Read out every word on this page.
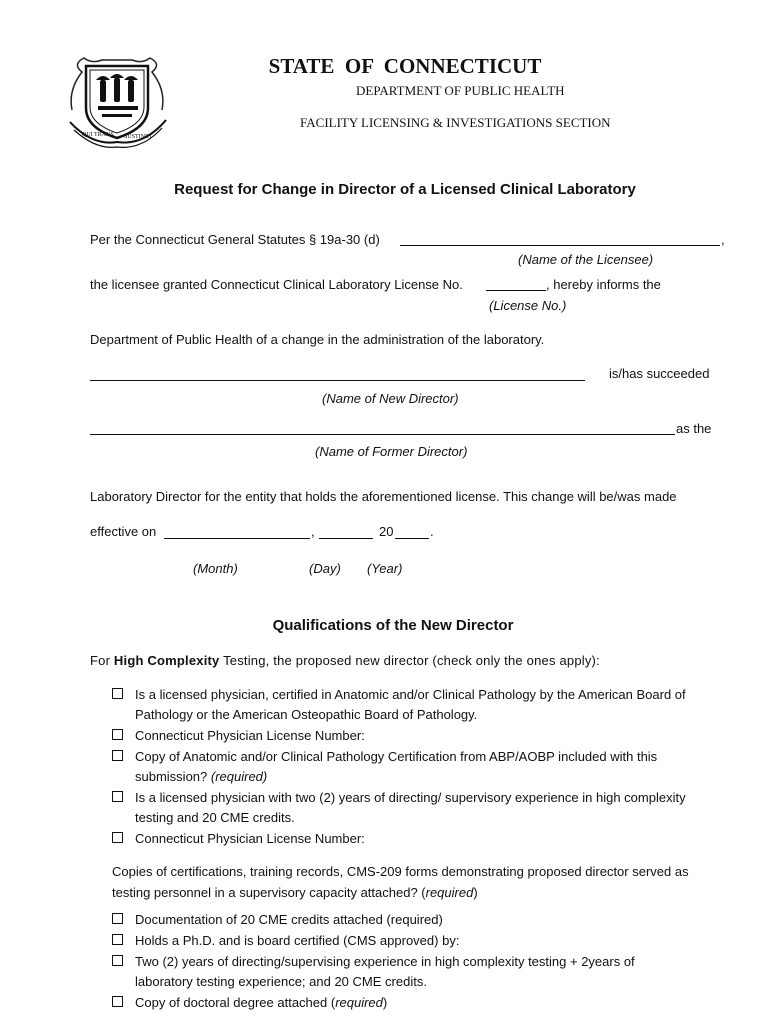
QUI TRANS SUSTINET
STATE  OF  CONNECTICUT
DEPARTMENT OF PUBLIC HEALTH
FACILITY LICENSING & INVESTIGATIONS SECTION
Request for Change in Director of a Licensed Clinical Laboratory
Per the Connecticut General Statutes § 19a-30 (d)	,
(Name of the Licensee)
the licensee granted Connecticut Clinical Laboratory License No.	, hereby informs the
(License No.)
Department of Public Health of a change in the administration of the laboratory.
is/has succeeded
(Name of New Director)
as the
(Name of Former Director)
Laboratory Director for the entity that holds the aforementioned license. This change will be/was made
effective on	,	20	.
(Month)	(Day) (Year)
Qualifications of the New Director
For High Complexity Testing, the proposed new director (check only the ones apply):
Is a licensed physician, certified in Anatomic and/or Clinical Pathology by the American Board of
Pathology or the American Osteopathic Board of Pathology.
Connecticut Physician License Number:
Copy of Anatomic and/or Clinical Pathology Certification from ABP/AOBP included with this
submission? (required)
Is a licensed physician with two (2) years of directing/ supervisory experience in high complexity
testing and 20 CME credits.
Connecticut Physician License Number:
Copies of certifications, training records, CMS-209 forms demonstrating proposed director served as
testing personnel in a supervisory capacity attached? (required)
Documentation of 20 CME credits attached (required)
Holds a Ph.D. and is board certified (CMS approved) by:
Two (2) years of directing/supervising experience in high complexity testing + 2years of
laboratory testing experience; and 20 CME credits.
Copy of doctoral degree attached (required)
